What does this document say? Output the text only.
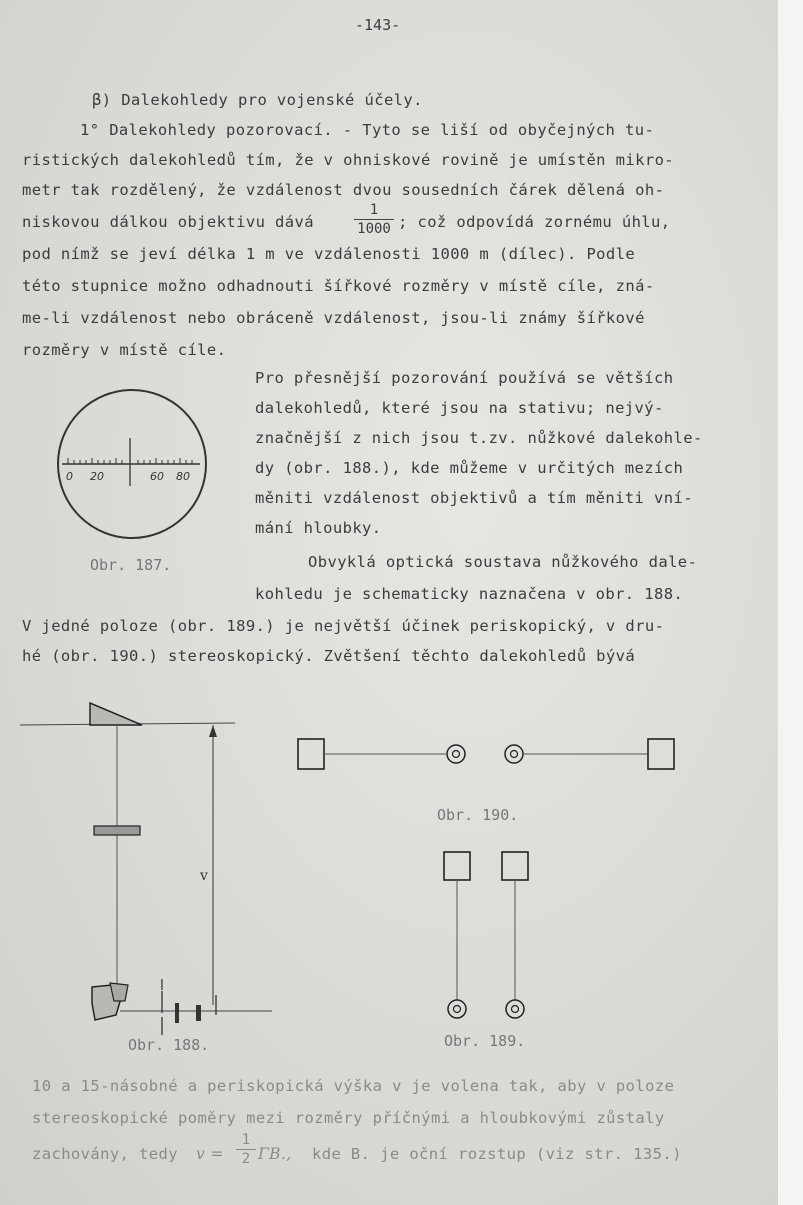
-143-
β) Dalekohledy pro vojenské účely.
1° Dalekohledy pozorovací. - Tyto se liší od obyčejných tu-
ristických dalekohledů tím, že v ohniskové rovině je umístěn mikro-
metr tak rozdělený, že vzdálenost dvou sousedních čárek dělená oh-
niskovou dálkou objektivu dává
1
1000 ; což odpovídá zornému úhlu,
pod nímž se jeví délka 1 m ve vzdálenosti 1000 m (dílec). Podle
této stupnice možno odhadnouti šířkové rozměry v místě cíle, zná-
me-li vzdálenost nebo obráceně vzdálenost, jsou-li známy šířkové
rozměry v místě cíle.
Pro přesnější pozorování používá se větších
dalekohledů, které jsou na stativu; nejvý-
značnější z nich jsou t.zv. nůžkové dalekohle-
dy (obr. 188.), kde můžeme v určitých mezích
měniti vzdálenost objektivů a tím měniti vní-
mání hloubky.
0 20	60 80
Obr. 187.	Obvyklá optická soustava nůžkového dale-
kohledu je schematicky naznačena v obr. 188.
V jedné poloze (obr. 189.) je největší účinek periskopický, v dru-
hé (obr. 190.) stereoskopický. Zvětšení těchto dalekohledů bývá
v
l
Obr. 188.
Obr. 190.
Obr. 189.
10 a 15-násobné a periskopická výška v je volena tak, aby v poloze
stereoskopické poměry mezi rozměry příčnými a hloubkovými zůstaly
zachovány, tedy v =
1
2 ΓB., kde B. je oční rozstup (viz str. 135.)
